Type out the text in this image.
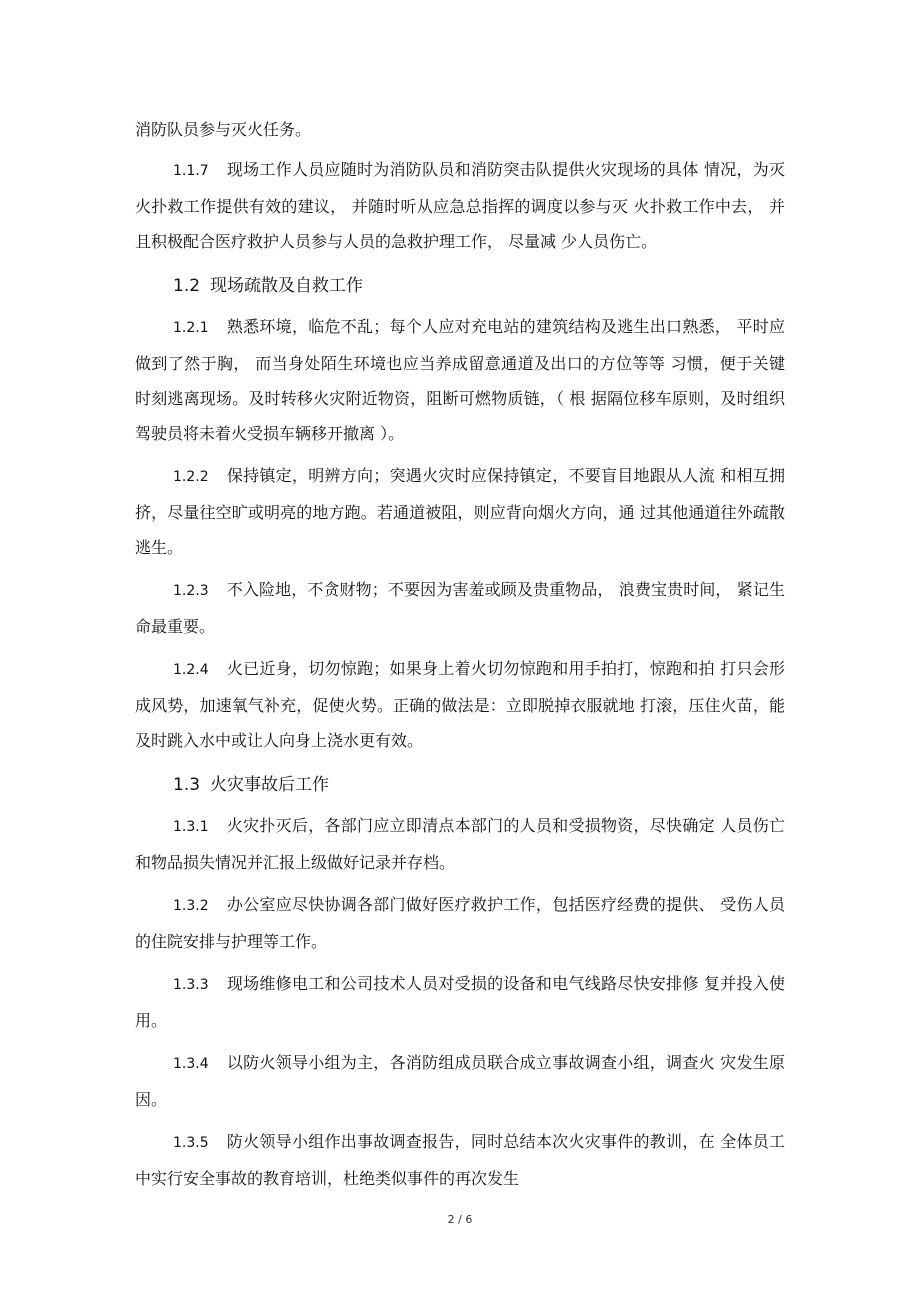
消防队员参与灭火任务。

1.1.7 现场工作人员应随时为消防队员和消防突击队提供火灾现场的具体 情况，为灭火扑救工作提供有效的建议， 并随时听从应急总指挥的调度以参与灭 火扑救工作中去， 并且积极配合医疗救护人员参与人员的急救护理工作， 尽量减 少人员伤亡。

1.2 现场疏散及自救工作

1.2.1 熟悉环境，临危不乱；每个人应对充电站的建筑结构及逃生出口熟悉， 平时应做到了然于胸， 而当身处陌生环境也应当养成留意通道及出口的方位等等 习惯，便于关键时刻逃离现场。及时转移火灾附近物资，阻断可燃物质链，（ 根 据隔位移车原则，及时组织驾驶员将未着火受损车辆移开撤离 ）。

1.2.2 保持镇定，明辨方向；突遇火灾时应保持镇定，不要盲目地跟从人流 和相互拥挤，尽量往空旷或明亮的地方跑。若通道被阻，则应背向烟火方向，通 过其他通道往外疏散逃生。

1.2.3 不入险地，不贪财物；不要因为害羞或顾及贵重物品， 浪费宝贵时间， 紧记生命最重要。

1.2.4 火已近身，切勿惊跑；如果身上着火切勿惊跑和用手拍打，惊跑和拍 打只会形成风势，加速氧气补充，促使火势。正确的做法是：立即脱掉衣服就地 打滚，压住火苗，能及时跳入水中或让人向身上浇水更有效。

1.3 火灾事故后工作

1.3.1 火灾扑灭后，各部门应立即清点本部门的人员和受损物资，尽快确定 人员伤亡和物品损失情况并汇报上级做好记录并存档。

1.3.2 办公室应尽快协调各部门做好医疗救护工作，包括医疗经费的提供、 受伤人员的住院安排与护理等工作。

1.3.3 现场维修电工和公司技术人员对受损的设备和电气线路尽快安排修 复并投入使用。

1.3.4 以防火领导小组为主，各消防组成员联合成立事故调查小组，调查火 灾发生原因。

1.3.5 防火领导小组作出事故调查报告，同时总结本次火灾事件的教训，在 全体员工中实行安全事故的教育培训，杜绝类似事件的再次发生

2 / 6
